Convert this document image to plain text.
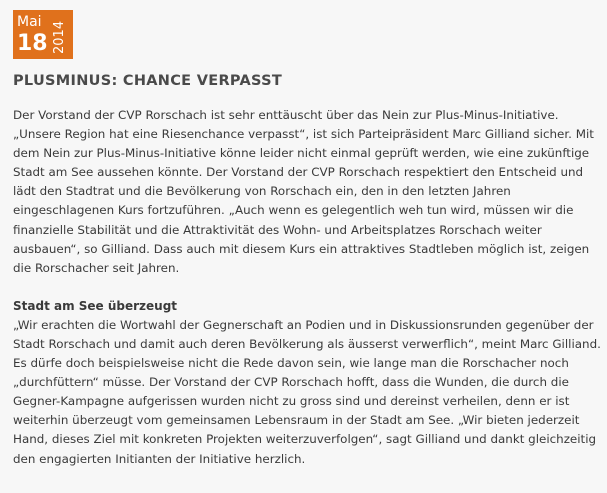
Mai
18 2014
PLUSMINUS: CHANCE VERPASST

Der Vorstand der CVP Rorschach ist sehr enttäuscht über das Nein zur Plus-Minus-Initiative. „Unsere Region hat eine Riesenchance verpasst“, ist sich Parteipräsident Marc Gilliand sicher. Mit dem Nein zur Plus-Minus-Initiative könne leider nicht einmal geprüft werden, wie eine zukünftige Stadt am See aussehen könnte. Der Vorstand der CVP Rorschach respektiert den Entscheid und lädt den Stadtrat und die Bevölkerung von Rorschach ein, den in den letzten Jahren eingeschlagenen Kurs fortzuführen. „Auch wenn es gelegentlich weh tun wird, müssen wir die finanzielle Stabilität und die Attraktivität des Wohn- und Arbeitsplatzes Rorschach weiter ausbauen“, so Gilliand. Dass auch mit diesem Kurs ein attraktives Stadtleben möglich ist, zeigen die Rorschacher seit Jahren.

Stadt am See überzeugt

„Wir erachten die Wortwahl der Gegnerschaft an Podien und in Diskussionsrunden gegenüber der Stadt Rorschach und damit auch deren Bevölkerung als äusserst verwerflich“, meint Marc Gilliand. Es dürfe doch beispielsweise nicht die Rede davon sein, wie lange man die Rorschacher noch „durchfüttern“ müsse. Der Vorstand der CVP Rorschach hofft, dass die Wunden, die durch die Gegner-Kampagne aufgerissen wurden nicht zu gross sind und dereinst verheilen, denn er ist weiterhin überzeugt vom gemeinsamen Lebensraum in der Stadt am See. „Wir bieten jederzeit Hand, dieses Ziel mit konkreten Projekten weiterzuverfolgen“, sagt Gilliand und dankt gleichzeitig den engagierten Initianten der Initiative herzlich.
